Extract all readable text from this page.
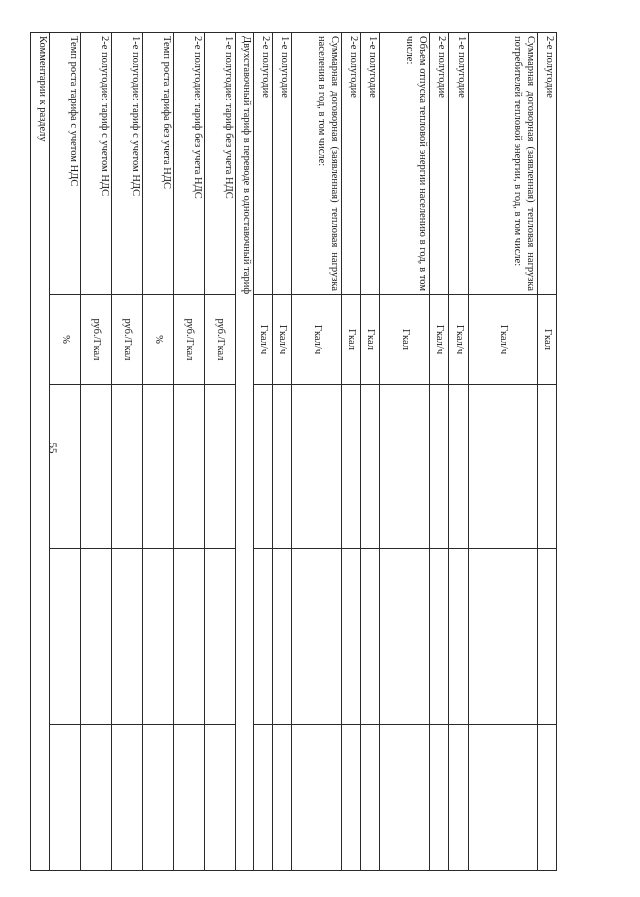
55
2-е полугодие	Гкал			
Суммарная договорная (заявленная) тепловая нагрузка потребителей тепловой энергии, в год, в том числе:	Гкал/ч			
1-е полугодие	Гкал/ч			
2-е полугодие	Гкал/ч			
Объем отпуска тепловой энергии населению в год, в том числе:	Гкал			
1-е полугодие	Гкал			
2-е полугодие	Гкал			
Суммарная договорная (заявленная) тепловая нагрузка населения в год, в том числе:	Гкал/ч			
1-е полугодие	Гкал/ч			
2-е полугодие	Гкал/ч			
Двухставочный тариф в переводе в одноставочный тариф				
1-е полугодие: тариф без учета НДС	руб./Гкал			
2-е полугодие: тариф без учета НДС	руб./Гкал			
Темп роста тарифа без учета НДС	%			
1-е полугодие: тариф с учетом НДС	руб./Гкал			
2-е полугодие: тариф с учетом НДС	руб./Гкал			
Темп роста тарифа с учетом НДС	%			
Комментарии к разделу				
